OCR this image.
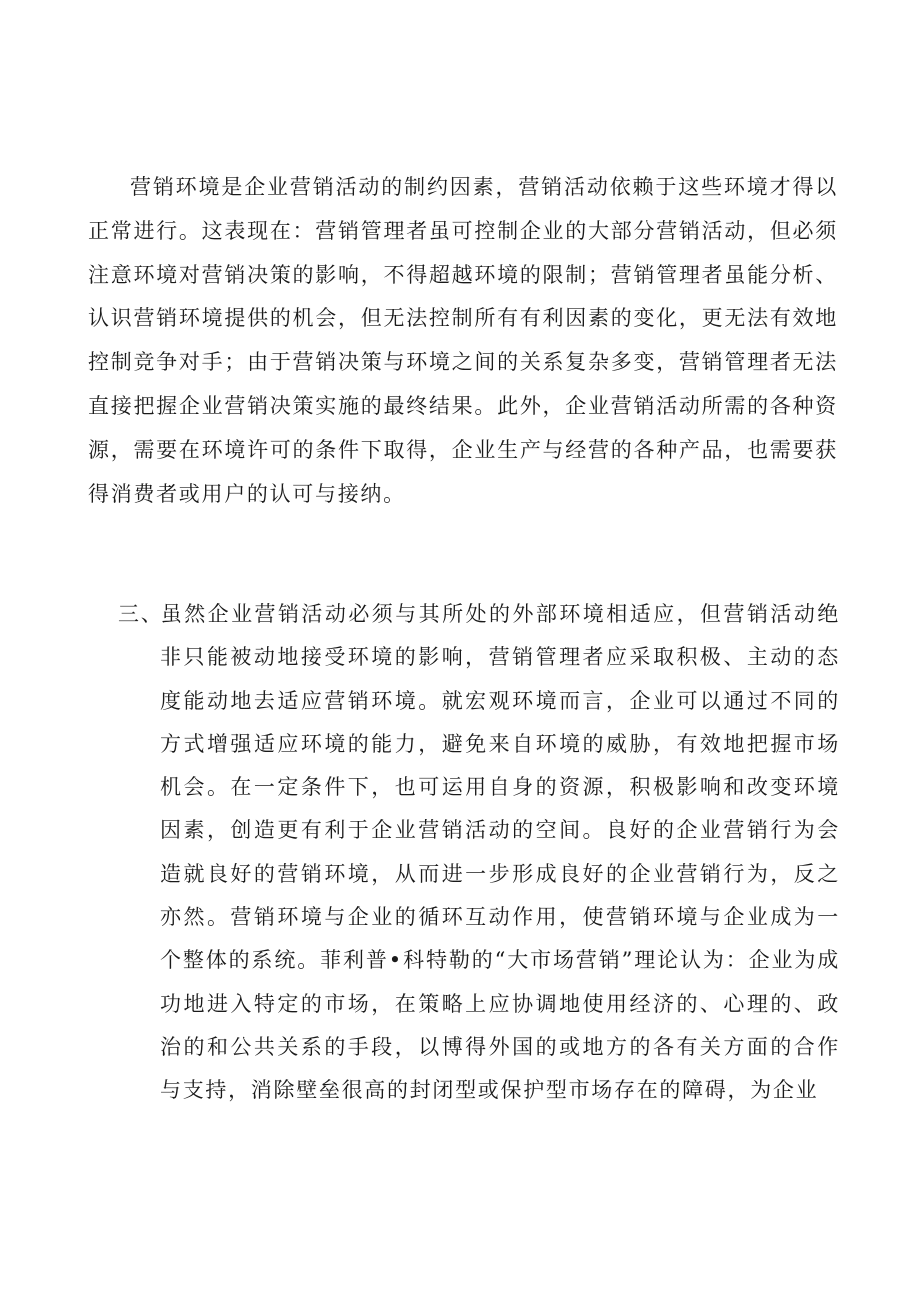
营销环境是企业营销活动的制约因素，营销活动依赖于这些环境才得以正常进行。这表现在：营销管理者虽可控制企业的大部分营销活动，但必须注意环境对营销决策的影响，不得超越环境的限制；营销管理者虽能分析、认识营销环境提供的机会，但无法控制所有有利因素的变化，更无法有效地控制竞争对手；由于营销决策与环境之间的关系复杂多变，营销管理者无法直接把握企业营销决策实施的最终结果。此外，企业营销活动所需的各种资源，需要在环境许可的条件下取得，企业生产与经营的各种产品，也需要获得消费者或用户的认可与接纳。

三、虽然企业营销活动必须与其所处的外部环境相适应，但营销活动绝非只能被动地接受环境的影响，营销管理者应采取积极、主动的态度能动地去适应营销环境。就宏观环境而言，企业可以通过不同的方式增强适应环境的能力，避免来自环境的威胁，有效地把握市场机会。在一定条件下，也可运用自身的资源，积极影响和改变环境因素，创造更有利于企业营销活动的空间。良好的企业营销行为会造就良好的营销环境，从而进一步形成良好的企业营销行为，反之亦然。营销环境与企业的循环互动作用，使营销环境与企业成为一个整体的系统。菲利普•科特勒的“大市场营销”理论认为：企业为成功地进入特定的市场，在策略上应协调地使用经济的、心理的、政治的和公共关系的手段，以博得外国的或地方的各有关方面的合作与支持，消除壁垒很高的封闭型或保护型市场存在的障碍，为企业
